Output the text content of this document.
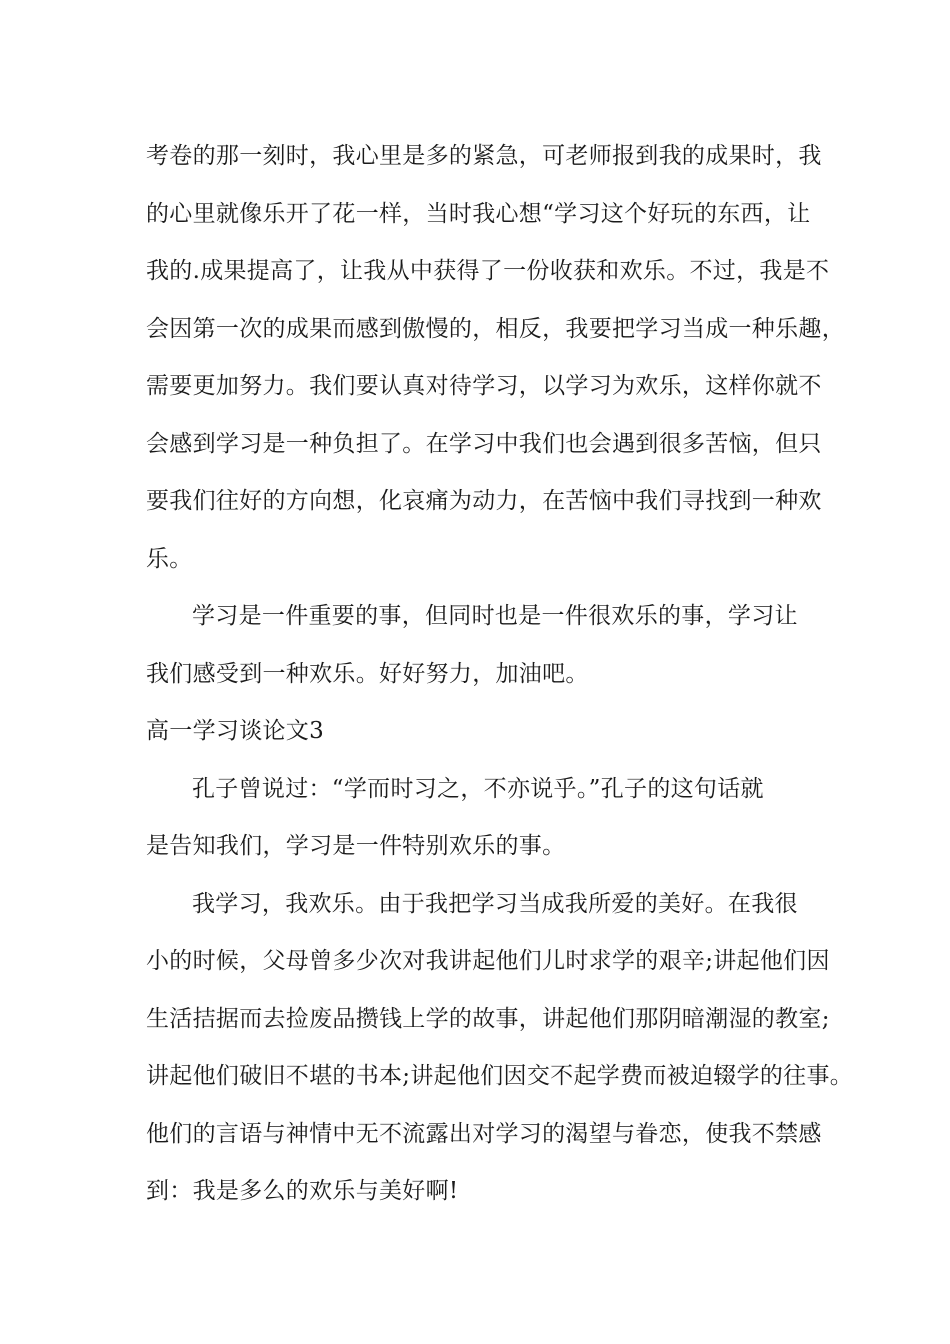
考卷的那一刻时，我心里是多的紧急，可老师报到我的成果时，我
的心里就像乐开了花一样，当时我心想“学习这个好玩的东西，让
我的.成果提高了，让我从中获得了一份收获和欢乐。不过，我是不
会因第一次的成果而感到傲慢的，相反，我要把学习当成一种乐趣，
需要更加努力。我们要认真对待学习，以学习为欢乐，这样你就不
会感到学习是一种负担了。在学习中我们也会遇到很多苦恼，但只
要我们往好的方向想，化哀痛为动力，在苦恼中我们寻找到一种欢
乐。

学习是一件重要的事，但同时也是一件很欢乐的事，学习让
我们感受到一种欢乐。好好努力，加油吧。

高一学习谈论文3

孔子曾说过：“学而时习之，不亦说乎。”孔子的这句话就
是告知我们，学习是一件特别欢乐的事。

我学习，我欢乐。由于我把学习当成我所爱的美好。在我很
小的时候，父母曾多少次对我讲起他们儿时求学的艰辛;讲起他们因
生活拮据而去捡废品攒钱上学的故事，讲起他们那阴暗潮湿的教室;
讲起他们破旧不堪的书本;讲起他们因交不起学费而被迫辍学的往事。
他们的言语与神情中无不流露出对学习的渴望与眷恋，使我不禁感
到：我是多么的欢乐与美好啊!
